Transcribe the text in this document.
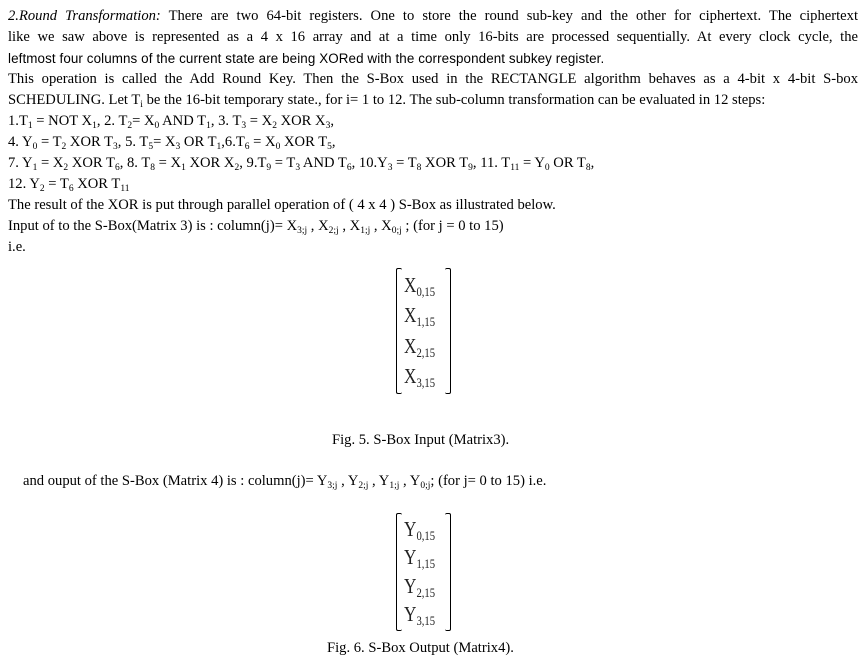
2.Round Transformation: There are two 64-bit registers. One to store the round sub-key and the other for ciphertext. The ciphertext
like we saw above is represented as a 4 x 16 array and at a time only 16-bits are processed sequentially. At every clock cycle, the
leftmost four columns of the current state are being XORed with the correspondent subkey register.
This operation is called the Add Round Key. Then the S-Box used in the RECTANGLE algorithm behaves as a 4-bit x 4-bit S-box
SCHEDULING. Let $T_i$ be the 16-bit temporary state., for i= 1 to 12. The sub-column transformation can be evaluated in 12 steps:
$1.T_1$ = NOT $X_1$, 2. $T_2= X_0$ AND $T_1$, 3. $T_3 = X_2$ XOR $X_3$,
4. $Y_0 = T_2$ XOR $T_3$, 5. $T_5= X_3$ OR $T_1,6.T_6 = X_0$ XOR $T_5$,
7. $Y_1 = X_2$ XOR $T_6$, 8. $T_8 = X_1$ XOR $X_2$, $9.T_9 = T_3$ AND $T_6$, $10.Y_3 = T_8$ XOR $T_9$, 11. $T_{11} = Y_0$ OR $T_8$,
12. $Y_2 = T_6$ XOR $T_{11}$
The result of the XOR is put through parallel operation of ( 4 x 4 ) S-Box as illustrated below.
Input of to the S-Box(Matrix 3) is : column(j)= $X_{3;j}$ , $X_{2;j}$ , $X_{1;j}$ , $X_{0;j}$ ; (for j = 0 to 15)
i.e.
$X_{0,15}$
$X_{1,15}$
$X_{2,15}$
$X_{3,15}$
Fig. 5. S-Box Input (Matrix3).
and ouput of the S-Box (Matrix 4) is : column(j)= $Y_{3;j}$ , $Y_{2;j}$ , $Y_{1;j}$ , $Y_{0;j}$; (for j= 0 to 15) i.e.
$Y_{0,15}$
$Y_{1,15}$
$Y_{2,15}$
$Y_{3,15}$
Fig. 6. S-Box Output (Matrix4).
